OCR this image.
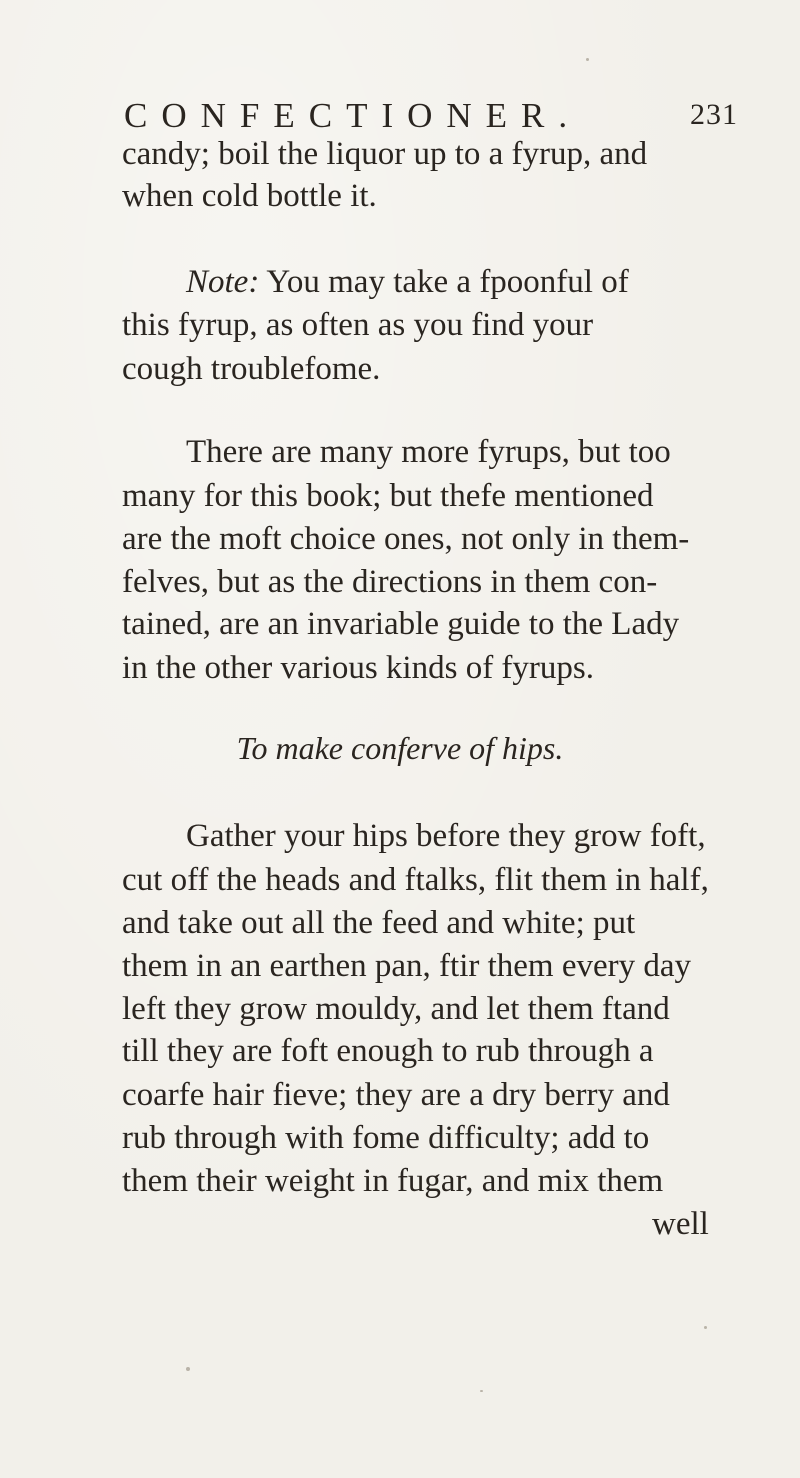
CONFECTIONER.	231
candy; boil the liquor up to a fyrup, and
when cold bottle it.
Note: You may take a fpoonful of
this fyrup, as often as you find your
cough troublefome.
There are many more fyrups, but too
many for this book; but thefe mentioned
are the moft choice ones, not only in them-
felves, but as the directions in them con-
tained, are an invariable guide to the Lady
in the other various kinds of fyrups.
To make conferve of hips.
Gather your hips before they grow foft,
cut off the heads and ftalks, flit them in half,
and take out all the feed and white; put
them in an earthen pan, ftir them every day
left they grow mouldy, and let them ftand
till they are foft enough to rub through a
coarfe hair fieve; they are a dry berry and
rub through with fome difficulty; add to
them their weight in fugar, and mix them
well
